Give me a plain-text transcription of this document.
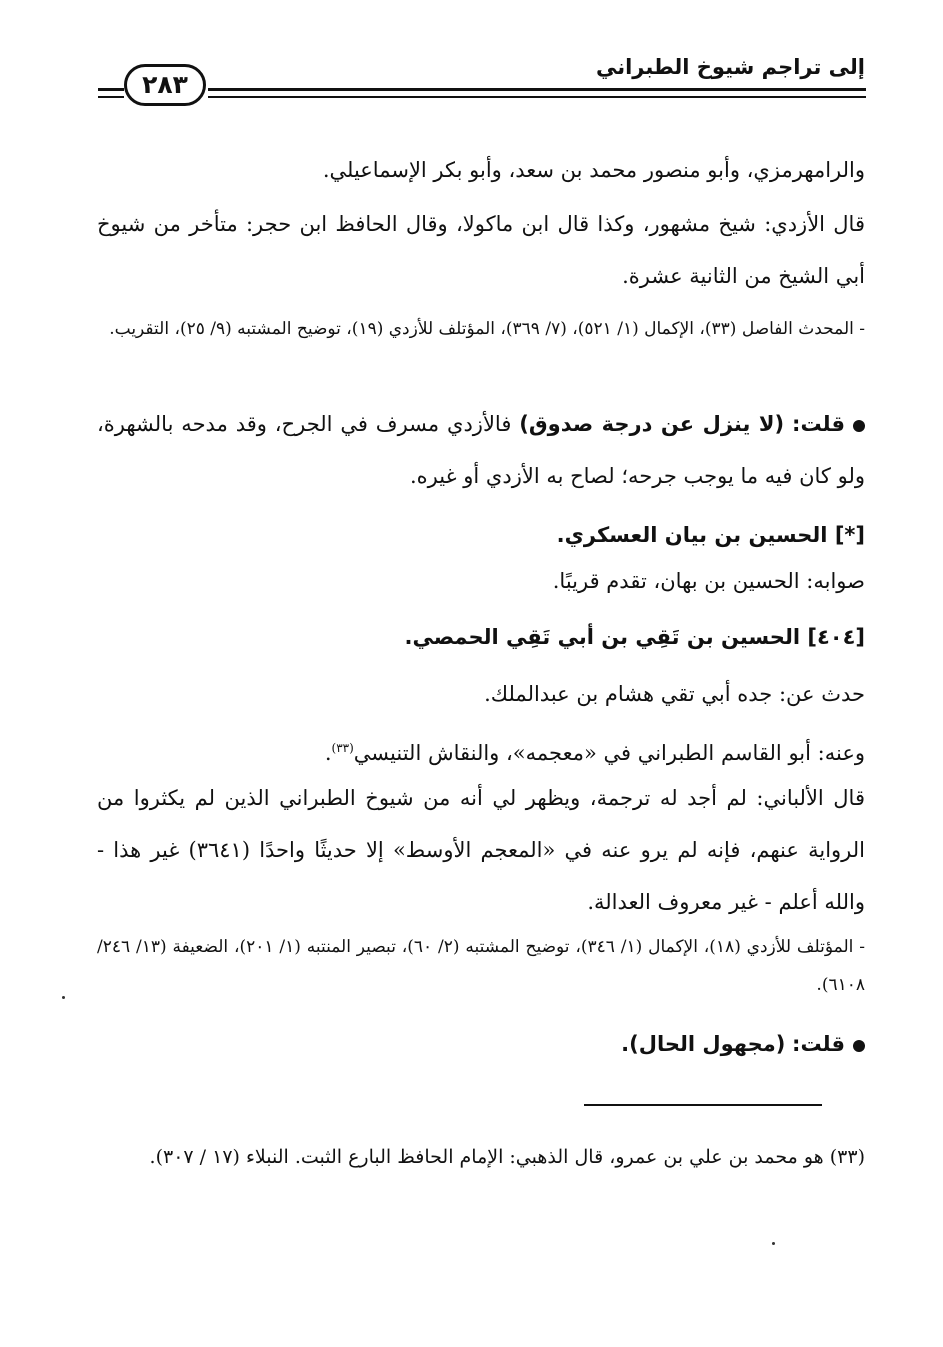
إلى تراجم شيوخ الطبراني
٢٨٣
والرامهرمزي، وأبو منصور محمد بن سعد، وأبو بكر الإسماعيلي.
قال الأزدي: شيخ مشهور، وكذا قال ابن ماكولا، وقال الحافظ ابن حجر: متأخر من شيوخ أبي الشيخ من الثانية عشرة.
- المحدث الفاصل (٣٣)، الإكمال (١/ ٥٢١)، (٧/ ٣٦٩)، المؤتلف للأزدي (١٩)، توضيح المشتبه (٩/ ٢٥)، التقريب.
قلت: (لا ينزل عن درجة صدوق) فالأزدي مسرف في الجرح، وقد مدحه بالشهرة، ولو كان فيه ما يوجب جرحه؛ لصاح به الأزدي أو غيره.
[*] الحسين بن بيان العسكري.
صوابه: الحسين بن بهان، تقدم قريبًا.
[٤٠٤] الحسين بن تَقِي بن أبي تَقِي الحمصي.
حدث عن: جده أبي تقي هشام بن عبدالملك.
وعنه: أبو القاسم الطبراني في «معجمه»، والنقاش التنيسي$^{(٣٣)}$.
قال الألباني: لم أجد له ترجمة، ويظهر لي أنه من شيوخ الطبراني الذين لم يكثروا من الرواية عنهم، فإنه لم يرو عنه في «المعجم الأوسط» إلا حديثًا واحدًا (٣٦٤١) غير هذا - والله أعلم - غير معروف العدالة.
- المؤتلف للأزدي (١٨)، الإكمال (١/ ٣٤٦)، توضيح المشتبه (٢/ ٦٠)، تبصير المنتبه (١/ ٢٠١)، الضعيفة (١٣/ ٢٤٦/ ٦١٠٨).
قلت: (مجهول الحال).
(٣٣) هو محمد بن علي بن عمرو، قال الذهبي: الإمام الحافظ البارع الثبت. النبلاء (١٧ / ٣٠٧).
